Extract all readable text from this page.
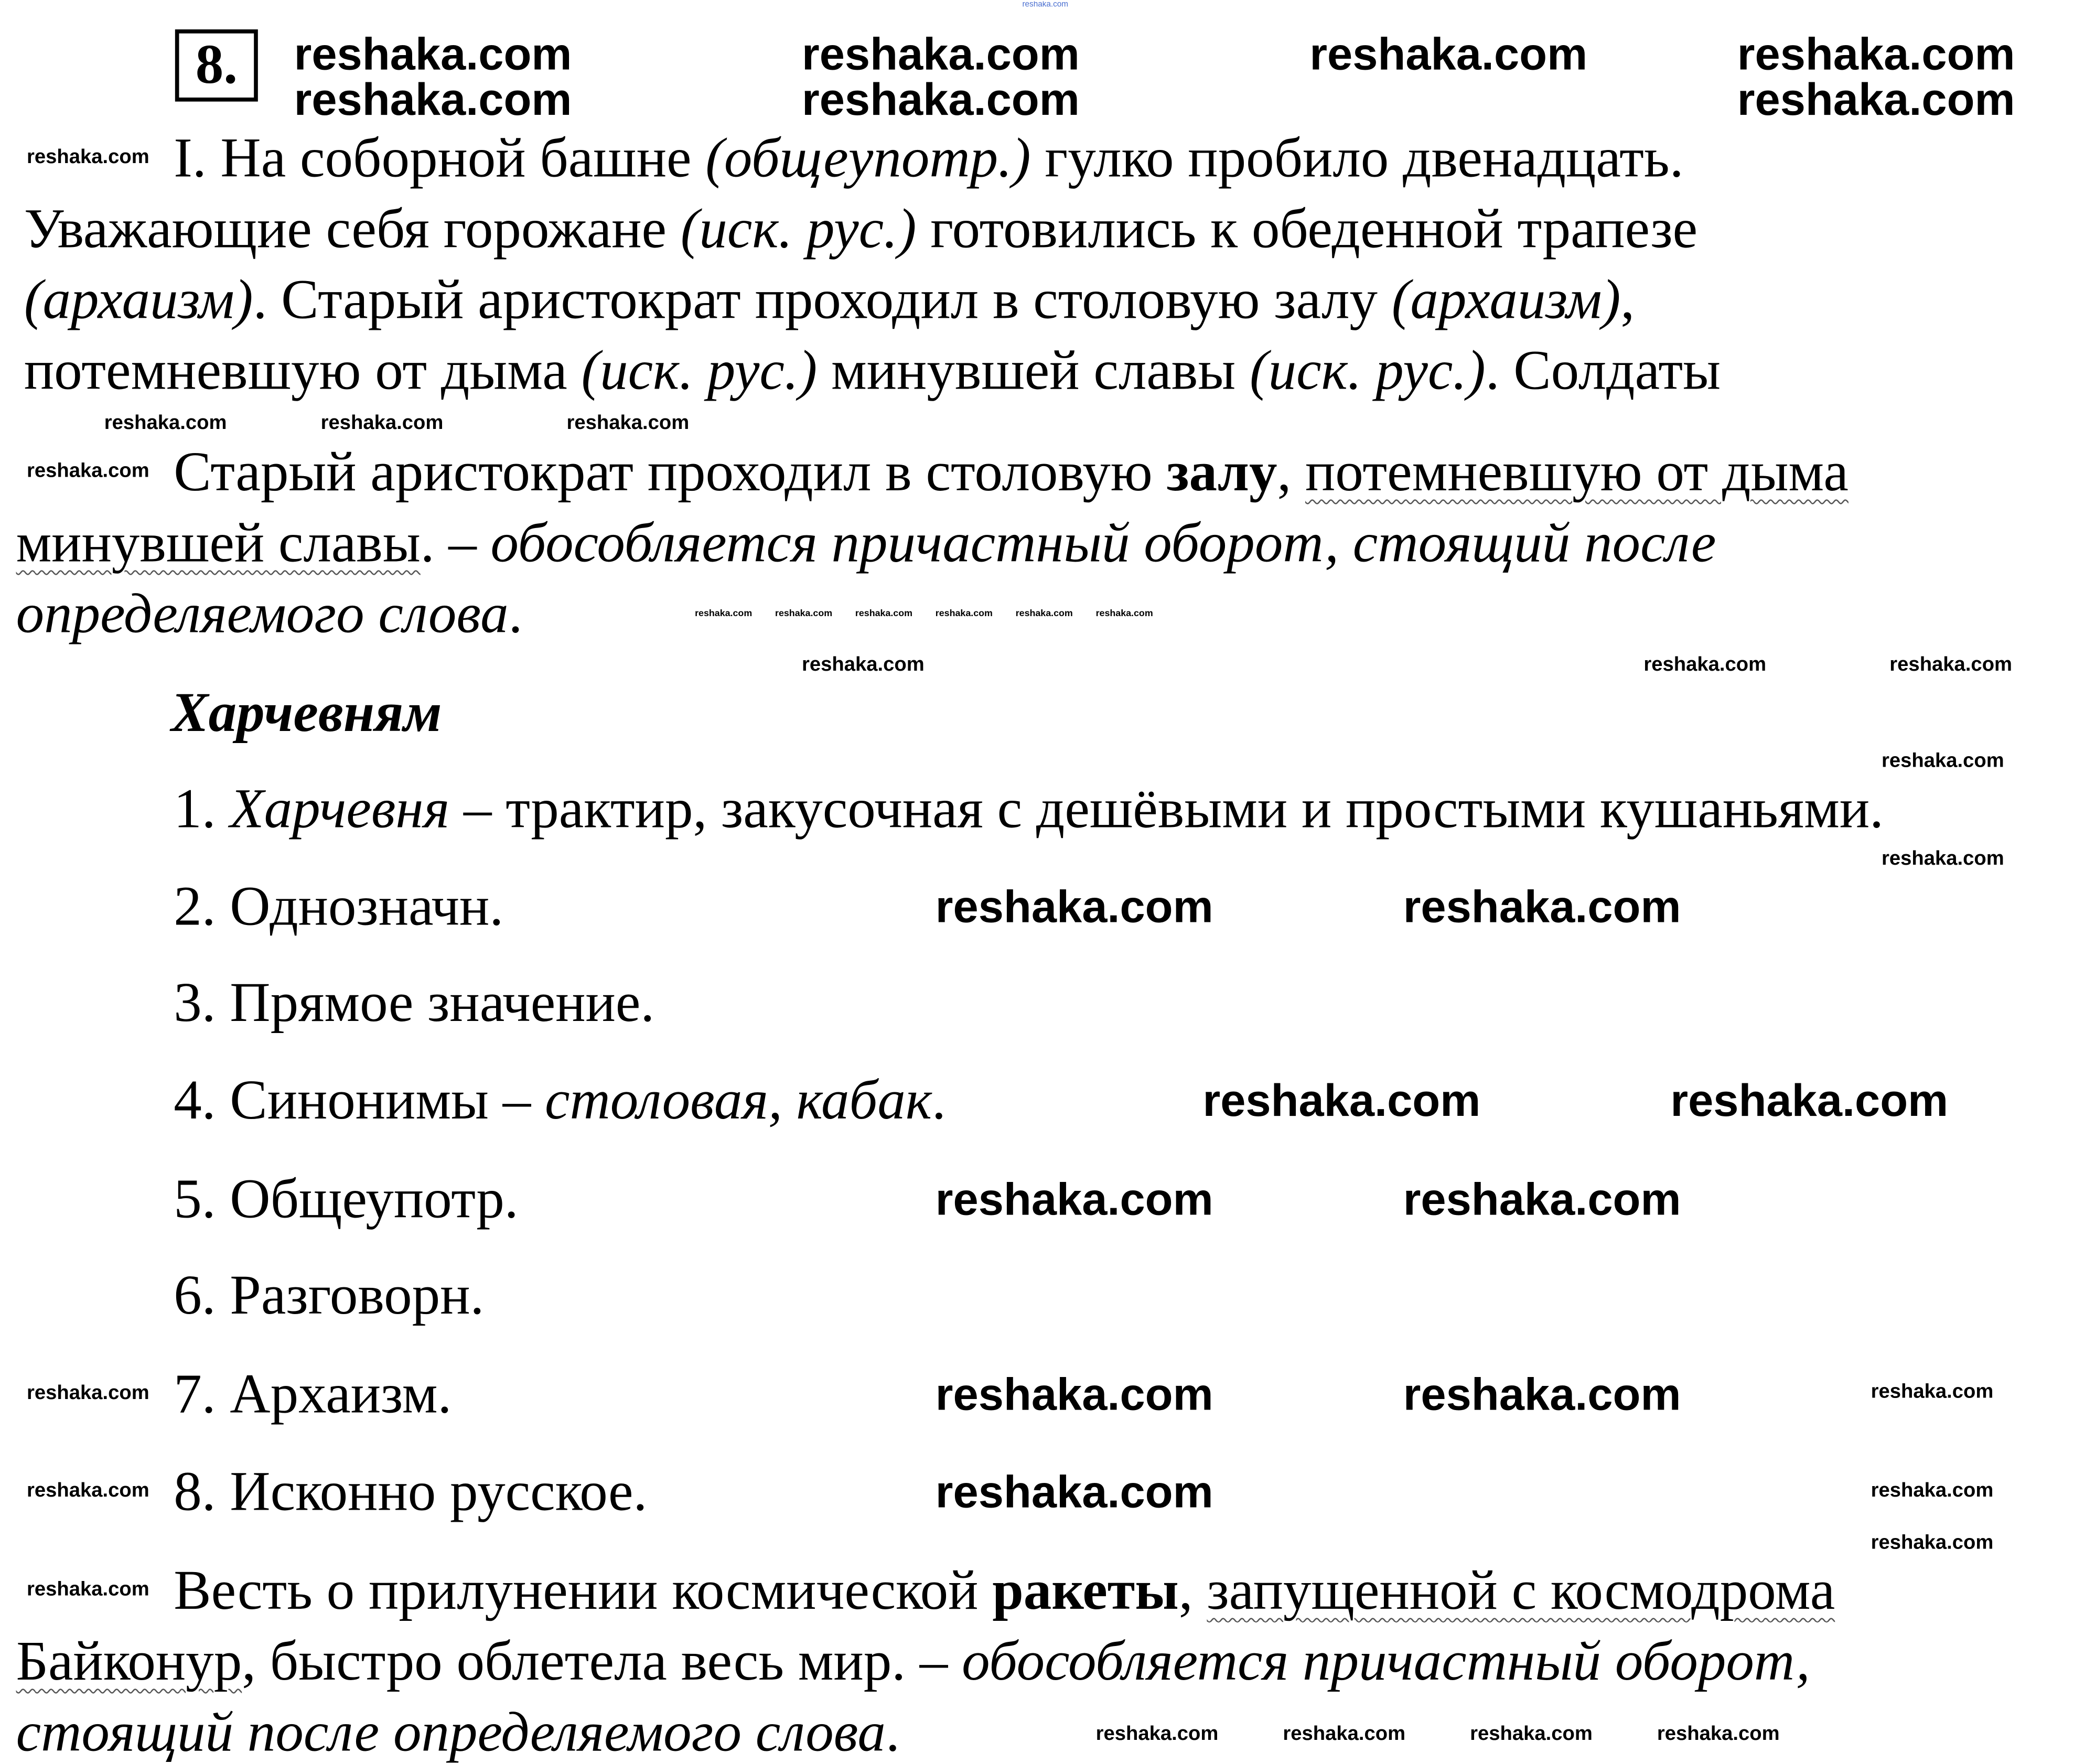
reshaka.com
8.
I. На соборной башне (общеупотр.) гулко пробило двенадцать.
Уважающие себя горожане (иск. рус.) готовились к обеденной трапезе
(архаизм). Старый аристократ проходил в столовую залу (архаизм),
потемневшую от дыма (иск. рус.) минувшей славы (иск. рус.). Солдаты
Старый аристократ проходил в столовую залу, потемневшую от дыма
минувшей славы. – обособляется причастный оборот, стоящий после
определяемого слова.
Харчевням
1. Харчевня – трактир, закусочная с дешёвыми и простыми кушаньями.
2. Однозначн.
3. Прямое значение.
4. Синонимы – столовая, кабак.
5. Общеупотр.
6. Разговорн.
7. Архаизм.
8. Исконно русское.
Весть о прилунении космической ракеты, запущенной с космодрома
Байконур, быстро облетела весь мир. – обособляется причастный оборот,
стоящий после определяемого слова.
reshaka.com	reshaka.com	reshaka.com	reshaka.com
reshaka.com	reshaka.com	reshaka.com
reshaka.com	reshaka.com
reshaka.com	reshaka.com
reshaka.com	reshaka.com
reshaka.com	reshaka.com
reshaka.com
reshaka.com
reshaka.com
reshaka.com	reshaka.com	reshaka.com
reshaka.com	reshaka.com	reshaka.com
reshaka.com
reshaka.com
reshaka.com
reshaka.com
reshaka.com
reshaka.com
reshaka.com
reshaka.com
reshaka.com	reshaka.com	reshaka.com	reshaka.com
reshaka.com	reshaka.com	reshaka.com	reshaka.com	reshaka.com	reshaka.com
